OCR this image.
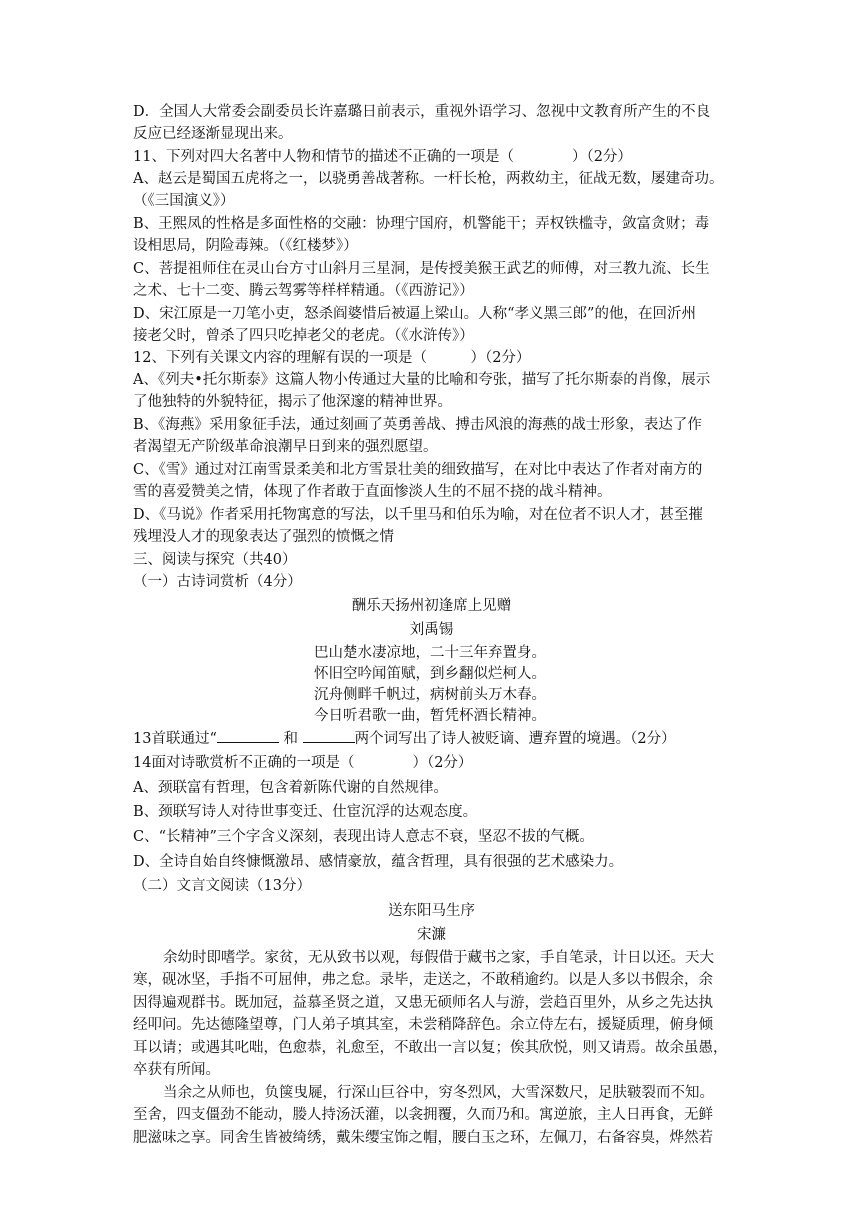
D．全国人大常委会副委员长许嘉璐日前表示，重视外语学习、忽视中文教育所产生的不良
反应已经逐渐显现出来。
11、下列对四大名著中人物和情节的描述不正确的一项是（　　　　）（2分）
A、赵云是蜀国五虎将之一，以骁勇善战著称。一杆长枪，两救幼主，征战无数，屡建奇功。
（《三国演义》）
B、王熙凤的性格是多面性格的交融：协理宁国府，机警能干；弄权铁槛寺，敛富贪财；毒
设相思局，阴险毒辣。（《红楼梦》）
C、菩提祖师住在灵山台方寸山斜月三星洞，是传授美猴王武艺的师傅，对三教九流、长生
之术、七十二变、腾云驾雾等样样精通。（《西游记》）
D、宋江原是一刀笔小吏，怒杀阎婆惜后被逼上梁山。人称“孝义黑三郎”的他，在回沂州
接老父时，曾杀了四只吃掉老父的老虎。（《水浒传》）
12、下列有关课文内容的理解有误的一项是（　　　）（2分）
A、《列夫•托尔斯泰》这篇人物小传通过大量的比喻和夸张，描写了托尔斯泰的肖像，展示
了他独特的外貌特征，揭示了他深邃的精神世界。
B、《海燕》采用象征手法，通过刻画了英勇善战、搏击风浪的海燕的战士形象，表达了作
者渴望无产阶级革命浪潮早日到来的强烈愿望。
C、《雪》通过对江南雪景柔美和北方雪景壮美的细致描写，在对比中表达了作者对南方的
雪的喜爱赞美之情，体现了作者敢于直面惨淡人生的不屈不挠的战斗精神。
D、《马说》作者采用托物寓意的写法，以千里马和伯乐为喻，对在位者不识人才，甚至摧
残埋没人才的现象表达了强烈的愤慨之情
三、阅读与探究（共40）
（一）古诗词赏析（4分）
酬乐天扬州初逢席上见赠
刘禹锡
巴山楚水凄凉地，二十三年弃置身。
怀旧空吟闻笛赋，到乡翻似烂柯人。
沉舟侧畔千帆过，病树前头万木春。
今日听君歌一曲，暂凭杯酒长精神。
13首联通过“	和	两个词写出了诗人被贬谪、遭弃置的境遇。（2分）
14面对诗歌赏析不正确的一项是（　　　　）（2分）
A、颈联富有哲理，包含着新陈代谢的自然规律。
B、颈联写诗人对待世事变迁、仕宦沉浮的达观态度。
C、“长精神”三个字含义深刻，表现出诗人意志不衰，坚忍不拔的气概。
D、全诗自始自终慷慨激昂、感情豪放，蕴含哲理，具有很强的艺术感染力。
（二）文言文阅读（13分）
送东阳马生序
宋濂
余幼时即嗜学。家贫，无从致书以观，每假借于藏书之家，手自笔录，计日以还。天大
寒，砚冰坚，手指不可屈伸，弗之怠。录毕，走送之，不敢稍逾约。以是人多以书假余，余
因得遍观群书。既加冠，益慕圣贤之道，又患无硕师名人与游，尝趋百里外，从乡之先达执
经叩问。先达德隆望尊，门人弟子填其室，未尝稍降辞色。余立侍左右，援疑质理，俯身倾
耳以请；或遇其叱咄，色愈恭，礼愈至，不敢出一言以复；俟其欣悦，则又请焉。故余虽愚，
卒获有所闻。
当余之从师也，负箧曳屣，行深山巨谷中，穷冬烈风，大雪深数尺，足肤皲裂而不知。
至舍，四支僵劲不能动，媵人持汤沃灌，以衾拥覆，久而乃和。寓逆旅，主人日再食，无鲜
肥滋味之享。同舍生皆被绮绣，戴朱缨宝饰之帽，腰白玉之环，左佩刀，右备容臭，烨然若
